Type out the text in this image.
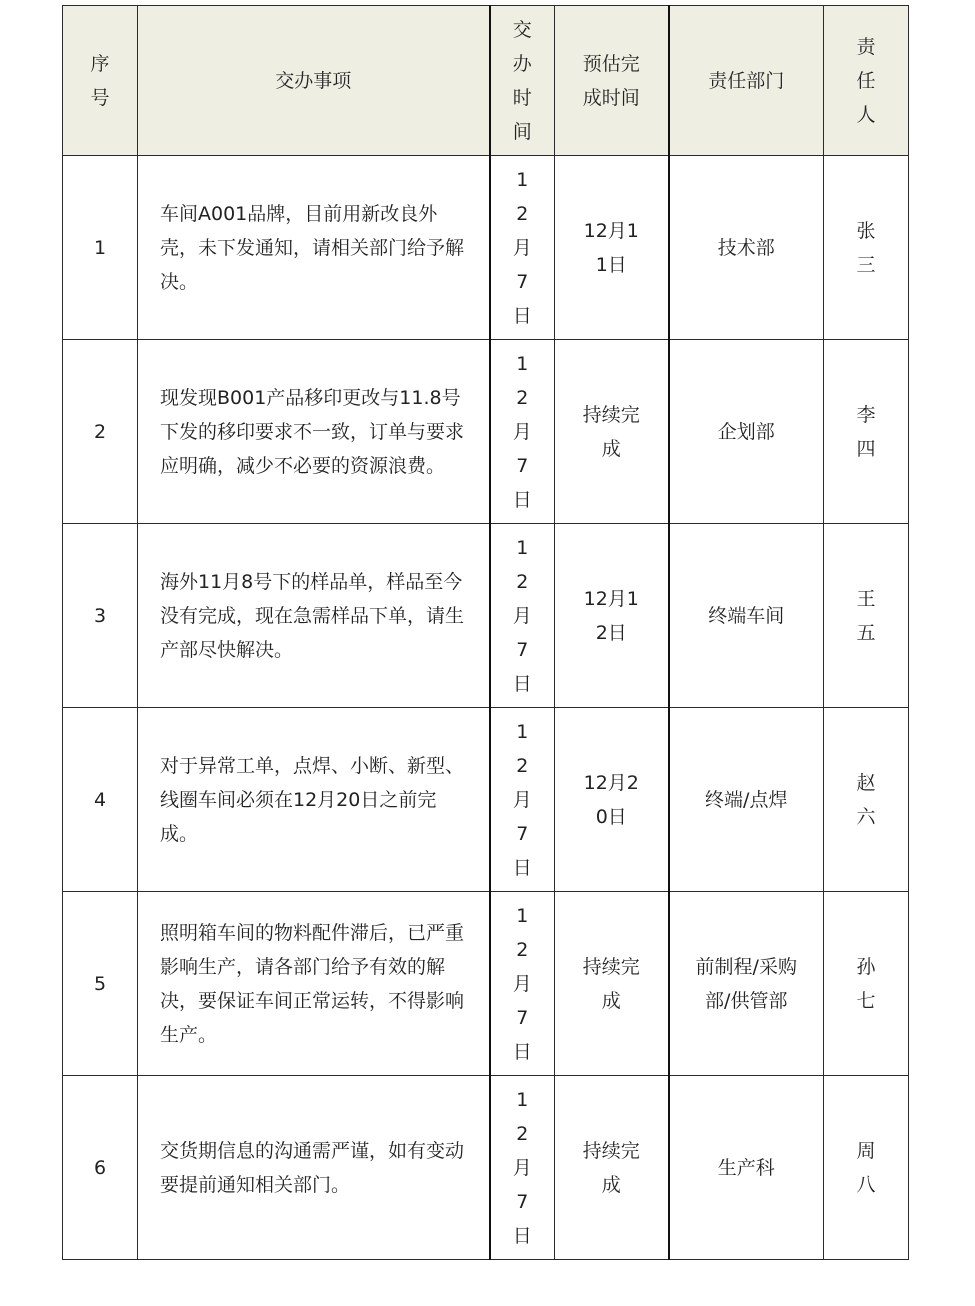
序号	交办事项	交办时间	预估完成时间	责任部门	责任人

1	车间A001品牌，目前用新改良外壳，未下发通知，请相关部门给予解决。	12月7日	12月11日	技术部	张三

2	现发现B001产品移印更改与11.8号下发的移印要求不一致，订单与要求应明确，减少不必要的资源浪费。	12月7日	持续完成	企划部	李四

3	海外11月8号下的样品单，样品至今没有完成，现在急需样品下单，请生产部尽快解决。	12月7日	12月12日	终端车间	王五

4	对于异常工单，点焊、小断、新型、线圈车间必须在12月20日之前完成。	12月7日	12月20日	终端/点焊	赵六

5	照明箱车间的物料配件滞后，已严重影响生产，请各部门给予有效的解决，要保证车间正常运转，不得影响生产。	12月7日	持续完成	前制程/采购部/供管部	孙七

6	交货期信息的沟通需严谨，如有变动要提前通知相关部门。	12月7日	持续完成	生产科	周八
